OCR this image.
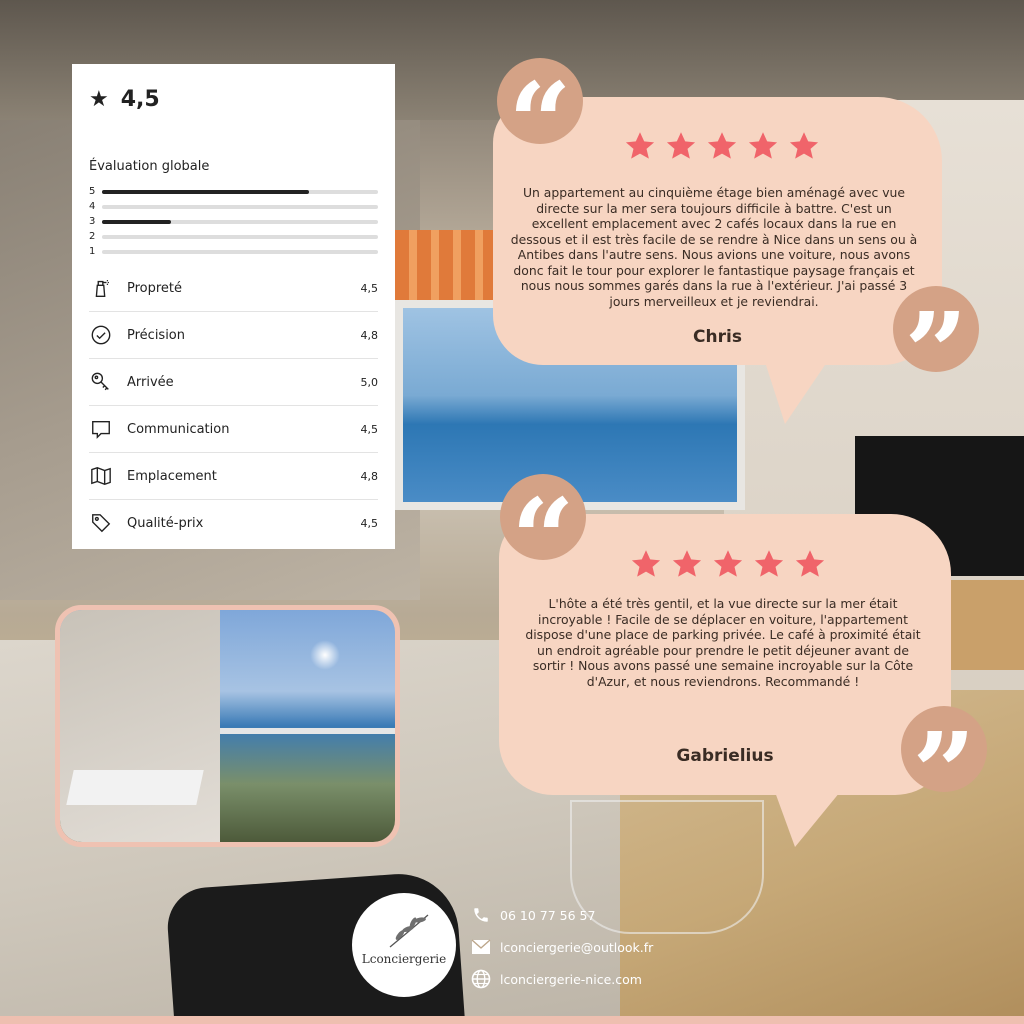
★ 4,5
Évaluation globale
5
4
3
2
1
Propreté	4,5
Précision	4,8
Arrivée	5,0
Communication	4,5
Emplacement	4,8
Qualité-prix	4,5
Un appartement au cinquième étage bien aménagé avec vue directe sur la mer sera toujours difficile à battre. C'est un excellent emplacement avec 2 cafés locaux dans la rue en dessous et il est très facile de se rendre à Nice dans un sens ou à Antibes dans l'autre sens. Nous avions une voiture, nous avons donc fait le tour pour explorer le fantastique paysage français et nous nous sommes garés dans la rue à l'extérieur. J'ai passé 3 jours merveilleux et je reviendrai.
Chris
“
”
L'hôte a été très gentil, et la vue directe sur la mer était incroyable ! Facile de se déplacer en voiture, l'appartement dispose d'une place de parking privée. Le café à proximité était un endroit agréable pour prendre le petit déjeuner avant de sortir ! Nous avons passé une semaine incroyable sur la Côte d'Azur, et nous reviendrons. Recommandé !
Gabrielius
“
”
Lconciergerie
06 10 77 56 57
lconciergerie@outlook.fr
lconciergerie-nice.com
